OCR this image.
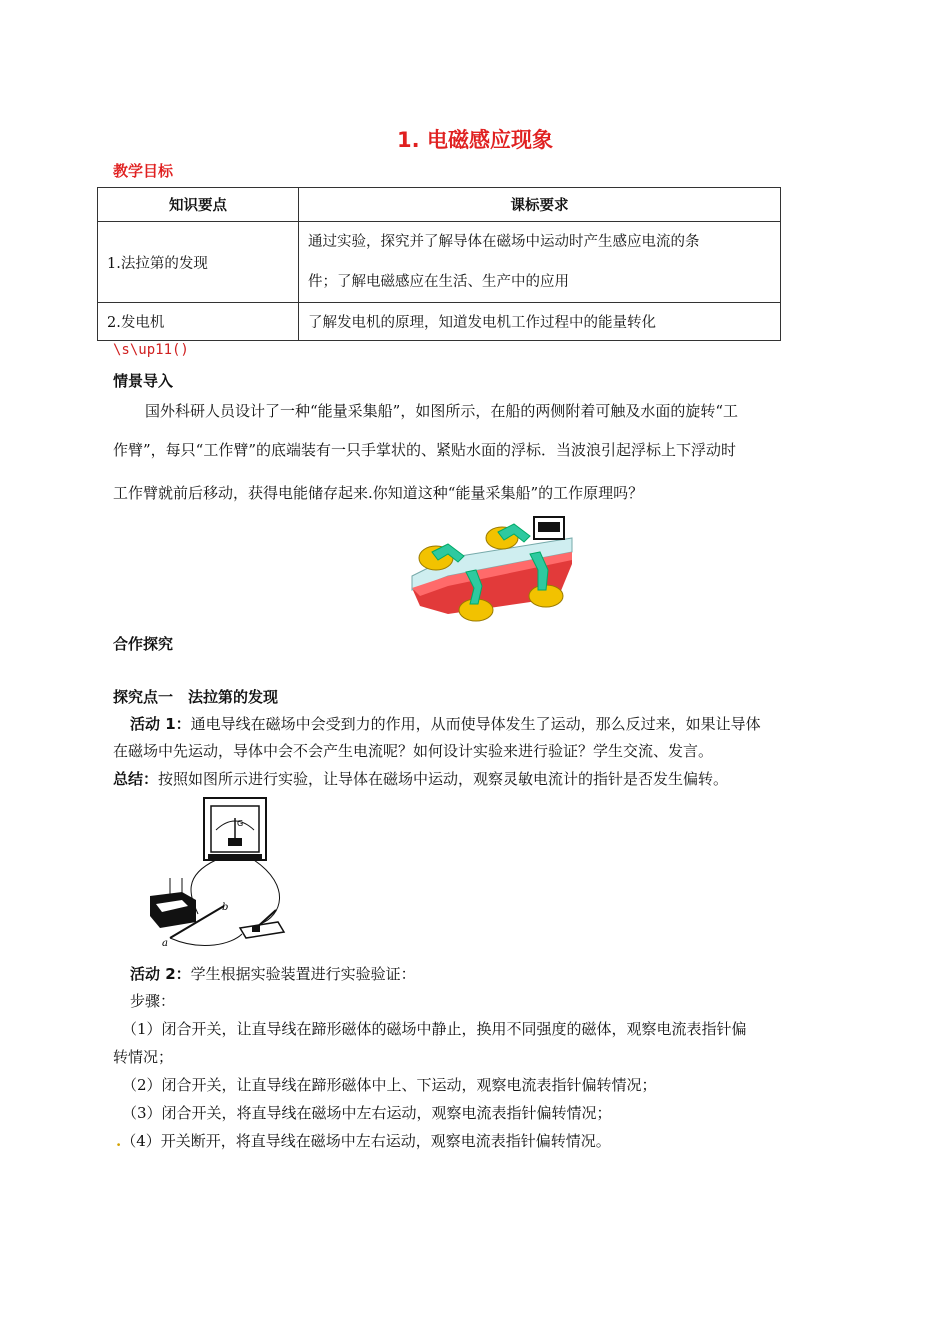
1. 电磁感应现象
教学目标
知识要点	课标要求
1.法拉第的发现	通过实验，探究并了解导体在磁场中运动时产生感应电流的条
件；了解电磁感应在生活、生产中的应用

2.发电机	了解发电机的原理，知道发电机工作过程中的能量转化
\s\up11()
情景导入
国外科研人员设计了一种“能量采集船”，如图所示，在船的两侧附着可触及水面的旋转“工
作臂”，每只“工作臂”的底端装有一只手掌状的、紧贴水面的浮标．当波浪引起浮标上下浮动时
工作臂就前后移动，获得电能储存起来.你知道这种“能量采集船”的工作原理吗？
合作探究
探究点一　法拉第的发现
活动 1：通电导线在磁场中会受到力的作用，从而使导体发生了运动，那么反过来，如果让导体
在磁场中先运动，导体中会不会产生电流呢？如何设计实验来进行验证？学生交流、发言。
总结：按照如图所示进行实验，让导体在磁场中运动，观察灵敏电流计的指针是否发生偏转。
G
a
b
活动 2：学生根据实验装置进行实验验证：
步骤：
（1）闭合开关，让直导线在蹄形磁体的磁场中静止，换用不同强度的磁体，观察电流表指针偏
转情况；
（2）闭合开关，让直导线在蹄形磁体中上、下运动，观察电流表指针偏转情况；
（3）闭合开关，将直导线在磁场中左右运动，观察电流表指针偏转情况；
.（4）开关断开，将直导线在磁场中左右运动，观察电流表指针偏转情况。
